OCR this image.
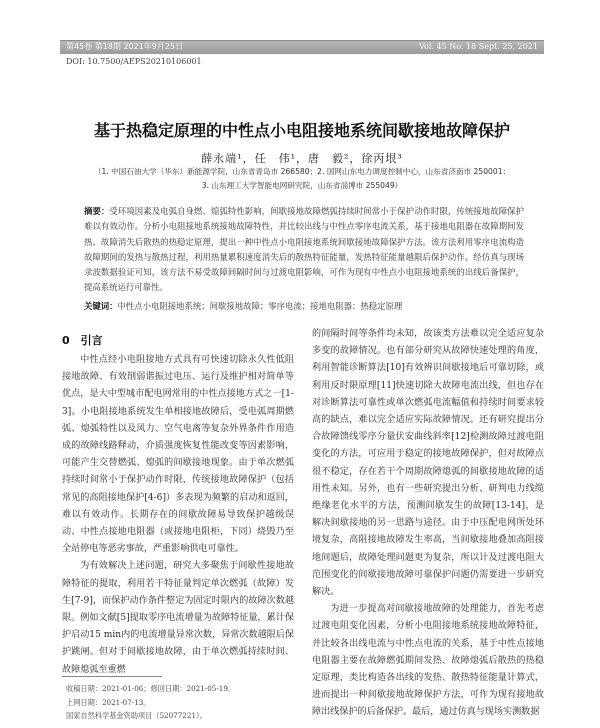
第45卷 第18期 2021年9月25日	Vol. 45 No. 18 Sept. 25, 2021
DOI: 10.7500/AEPS20210106001
基于热稳定原理的中性点小电阻接地系统间歇接地故障保护
薛永端¹，任　伟¹，唐　毅²，徐丙垠³
（1. 中国石油大学（华东）新能源学院，山东省青岛市 266580；2. 国网山东电力调度控制中心，山东省济南市 250001；
3. 山东理工大学智能电网研究院，山东省淄博市 255049）
摘要：受环境因素及电弧自身燃、熄弧特性影响，间歇接地故障燃弧持续时间常小于保护动作时限，传统接地故障保护难以有效动作。分析小电阻接地系统接地故障特性，并比较出线与中性点零序电流关系，基于接地电阻器在故障期间发热、故障消失后散热的热稳定原理，提出一种中性点小电阻接地系统间歇接地故障保护方法。该方法利用零序电流构造故障期间的发热与散热过程，利用热量累积速度消失后的散热特征能量，发热特征能量越限后保护动作。经仿真与现场录波数据验证可知，该方法不易受故障间隔时间与过渡电阻影响，可作为现有中性点小电阻接地系统的出线后备保护，提高系统运行可靠性。
关键词：中性点小电阻接地系统；间歇接地故障；零序电流；接地电阻器；热稳定原理
0　引言

中性点经小电阻接地方式具有可快速切除永久性低阻接地故障、有效削弱谐振过电压、运行及维护相对简单等优点，是大中型城市配电网常用的中性点接地方式之一[1-3]。小电阻接地系统发生单相接地故障后，受电弧周期燃弧、熄弧特性以及风力、空气电离等复杂外界条件作用造成的故障线路释动，介质强度恢复性能改变等因素影响，可能产生交替燃弧、熄弧的间歇接地现象。由于单次燃弧持续时间常小于保护动作时限，传统接地故障保护（包括常见的高阻接地保护[4-6]）多表现为频繁的启动和返回，难以有效动作。长期存在的间歇故障易导致保护越级误动、中性点接地电阻器（或接地电阻柜，下同）烧毁乃至全站停电等恶劣事故，严重影响供电可靠性。

为有效解决上述问题，研究大多聚焦于间歇性接地故障特征的提取，利用若干特征量判定单次燃弧（故障）发生[7-9]，而保护动作条件整定为固定时限内的故障次数越限。例如文献[5]提取零序电流增量为故障特征量，累计保护启动15 min内的电流增量异常次数，异常次数越限后保护跳闸。但对于间歇接地故障，由于单次燃弧持续时间、故障熄弧至重燃

的间隔时间等条件均未知，故该类方法难以完全适应复杂多变的故障情况。也有部分研究从故障快速处理的角度，利用智能诊断算法[10]有效辨识间歇接地后可靠切除，或利用反时限原理[11]快速切除大故障电流出线，但也存在对诊断算法可靠性或单次燃弧电流幅值和持续时间要求较高的缺点，难以完全适应实际故障情况。还有研究提出分合故障馈线零序分量伏安曲线斜率[12]检测故障过渡电阻变化的方法，可应用于稳定的接地故障保护，但对故障点很不稳定，存在若干个周期故障熄弧的间歇接地故障的适用性未知。另外，也有一些研究提出分析、研判电力线缆绝缘老化水平的方法，预测间歇发生的故障[13-14]，是解决间歇接地的另一思路与途径。由于中压配电网所处环境复杂，高阻接地故障发生率高，当间歇接地叠加高阻接地间题后，故障处理问题更为复杂，所以计及过渡电阻大范围变化的间歇接地故障可靠保护问题仍需要进一步研究解决。

为进一步提高对间歇接地故障的处理能力，首先考虑过渡电阻变化因素，分析小电阻接地系统接地故障特征，并比较各出线电流与中性点电流的关系，基于中性点接地电阻器主要在故障燃弧期间发热、故障熄弧后散热的热稳定原理，类比构造各出线的发热、散热特征能量计算式，进而提出一种间歇接地故障保护方法，可作为现有接地故障出线保护的后备保护。最后，通过仿真与现场实测数据

收稿日期：2021-01-06；修回日期：2021-05-19。
上网日期：2021-07-13。
国家自然科学基金资助项目（52077221）。
